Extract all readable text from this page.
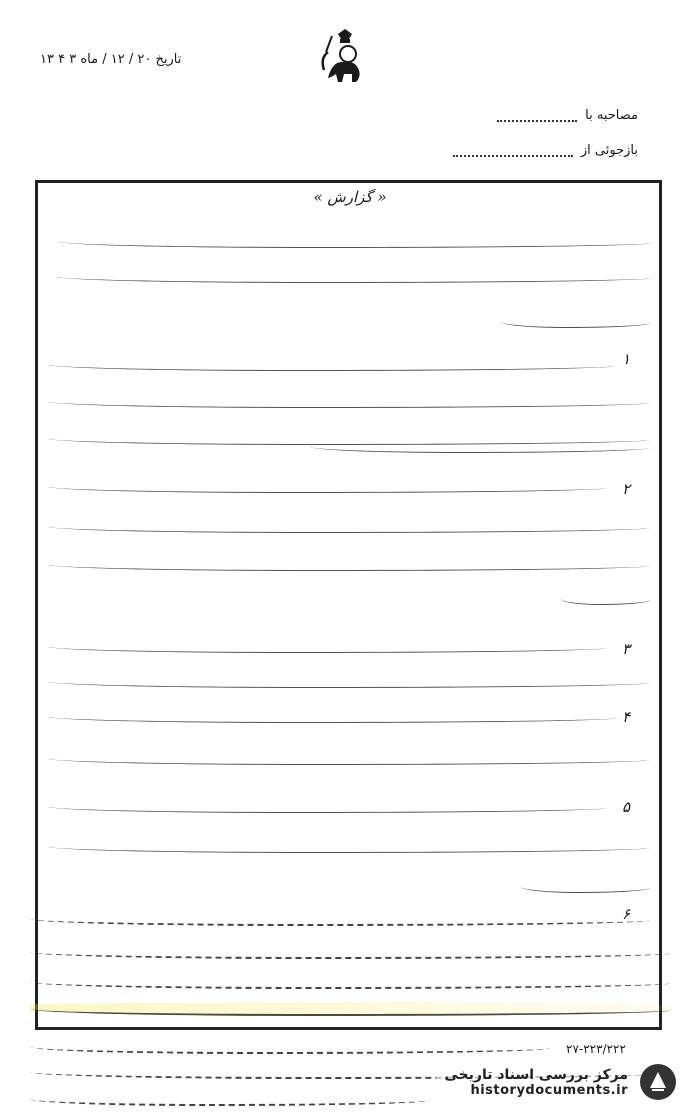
تاریخ ۲۰ / ۱۲ / ماه ۳ ۴ ۱۳
مصاحبه با
بازجوئی از
« گزارش »
۱
۲
۳
۴
۵
۶
۲۷-۲۲۳/۲۲۲
مرکز بررسی اسناد تاریخی
historydocuments.ir
